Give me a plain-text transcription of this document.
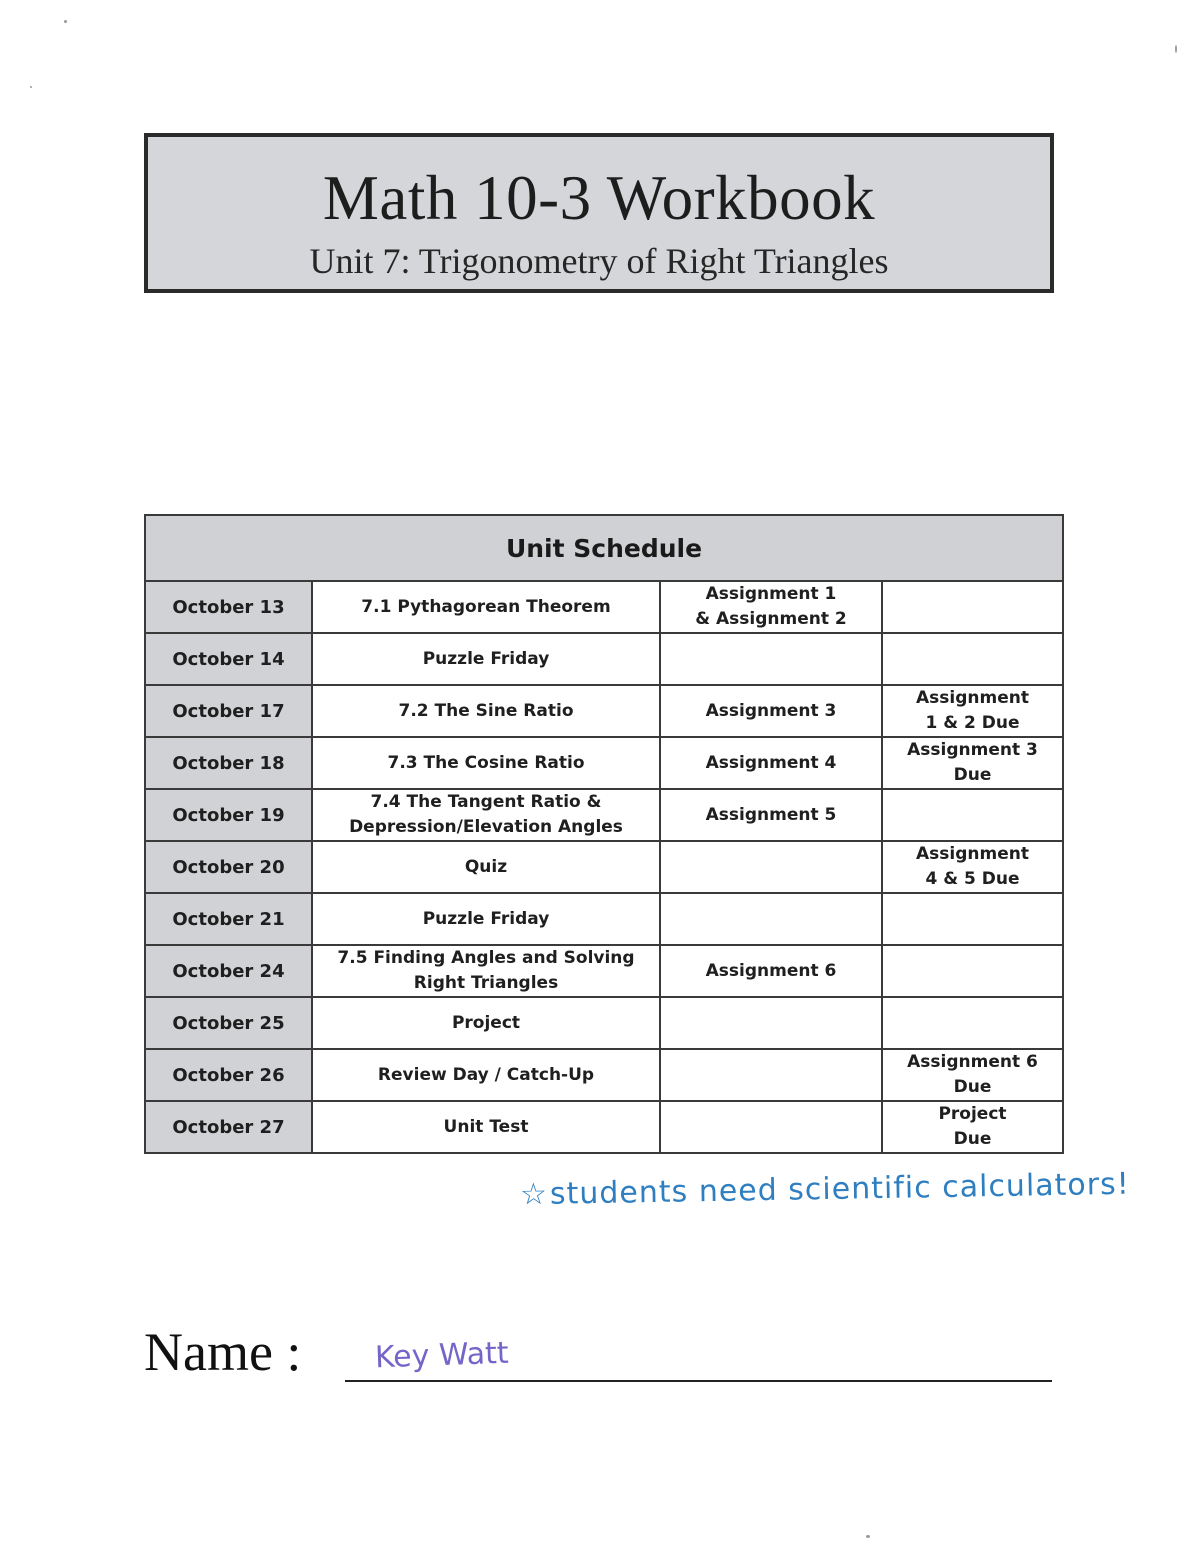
Math 10-3 Workbook
Unit 7: Trigonometry of Right Triangles
Unit Schedule			
October 13	7.1 Pythagorean Theorem	Assignment 1
& Assignment 2	
October 14	Puzzle Friday		
October 17	7.2 The Sine Ratio	Assignment 3	Assignment
1 & 2 Due
October 18	7.3 The Cosine Ratio	Assignment 4	Assignment 3
Due
October 19	7.4 The Tangent Ratio &
Depression/Elevation Angles	Assignment 5	
October 20	Quiz		Assignment
4 & 5 Due
October 21	Puzzle Friday		
October 24	7.5 Finding Angles and Solving
Right Triangles	Assignment 6	
October 25	Project		
October 26	Review Day / Catch-Up		Assignment 6
Due
October 27	Unit Test		Project
Due
☆students need scientific calculators!
Name : Key Watt
